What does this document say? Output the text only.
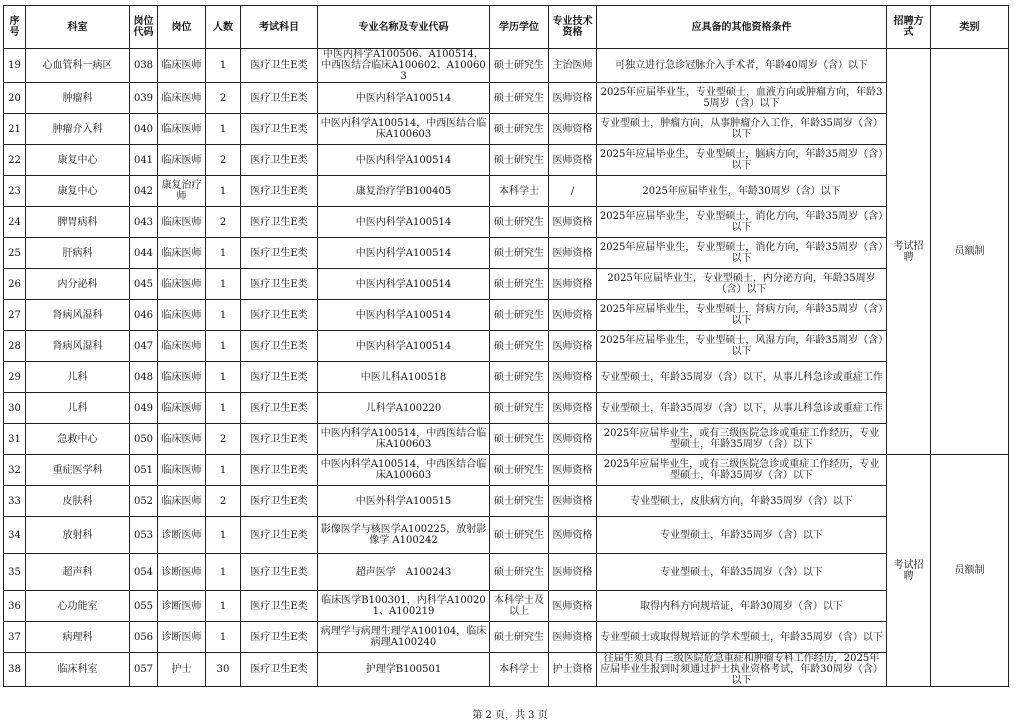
序号	科室	岗位代码	岗位	人数	考试科目	专业名称及专业代码	学历学位	专业技术资格	应具备的其他资格条件	招聘方式	类别
19	心血管科一病区	038	临床医师	1	医疗卫生E类	中医内科学A100506、A100514，中西医结合临床A100602、A100603	硕士研究生	主治医师	可独立进行急诊冠脉介入手术者，年龄40周岁（含）以下	考试招聘	员额制
20	肿瘤科	039	临床医师	2	医疗卫生E类	中医内科学A100514	硕士研究生	医师资格	2025年应届毕业生，专业型硕士，血液方向或肿瘤方向，年龄35周岁（含）以下		
21	肿瘤介入科	040	临床医师	1	医疗卫生E类	中医内科学A100514，中西医结合临床A100603	硕士研究生	医师资格	专业型硕士，肿瘤方向，从事肿瘤介入工作，年龄35周岁（含）以下		
22	康复中心	041	临床医师	2	医疗卫生E类	中医内科学A100514	硕士研究生	医师资格	2025年应届毕业生，专业型硕士，脑病方向，年龄35周岁（含）以下		
23	康复中心	042	康复治疗师	1	医疗卫生E类	康复治疗学B100405	本科学士	/	2025年应届毕业生，年龄30周岁（含）以下		
24	脾胃病科	043	临床医师	2	医疗卫生E类	中医内科学A100514	硕士研究生	医师资格	2025年应届毕业生，专业型硕士，消化方向，年龄35周岁（含）以下		
25	肝病科	044	临床医师	1	医疗卫生E类	中医内科学A100514	硕士研究生	医师资格	2025年应届毕业生，专业型硕士，消化方向，年龄35周岁（含）以下		
26	内分泌科	045	临床医师	1	医疗卫生E类	中医内科学A100514	硕士研究生	医师资格	2025年应届毕业生，专业型硕士，内分泌方向，年龄35周岁（含）以下		
27	肾病风湿科	046	临床医师	1	医疗卫生E类	中医内科学A100514	硕士研究生	医师资格	2025年应届毕业生，专业型硕士，肾病方向，年龄35周岁（含）以下		
28	肾病风湿科	047	临床医师	1	医疗卫生E类	中医内科学A100514	硕士研究生	医师资格	2025年应届毕业生，专业型硕士，风湿方向，年龄35周岁（含）以下		
29	儿科	048	临床医师	1	医疗卫生E类	中医儿科A100518	硕士研究生	医师资格	专业型硕士，年龄35周岁（含）以下，从事儿科急诊或重症工作		
30	儿科	049	临床医师	1	医疗卫生E类	儿科学A100220	硕士研究生	医师资格	专业型硕士，年龄35周岁（含）以下，从事儿科急诊或重症工作		
31	急救中心	050	临床医师	2	医疗卫生E类	中医内科学A100514，中西医结合临床A100603	硕士研究生	医师资格	2025年应届毕业生，或有三级医院急诊或重症工作经历，专业型硕士，年龄35周岁（含）以下		
32	重症医学科	051	临床医师	1	医疗卫生E类	中医内科学A100514，中西医结合临床A100603	硕士研究生	医师资格	2025年应届毕业生，或有三级医院急诊或重症工作经历，专业型硕士，年龄35周岁（含）以下	考试招聘	员额制
33	皮肤科	052	临床医师	2	医疗卫生E类	中医外科学A100515	硕士研究生	医师资格	专业型硕士，皮肤病方向，年龄35周岁（含）以下		
34	放射科	053	诊断医师	1	医疗卫生E类	影像医学与核医学A100225，放射影像学 A100242	硕士研究生	医师资格	专业型硕士，年龄35周岁（含）以下		
35	超声科	054	诊断医师	1	医疗卫生E类	超声医学　A100243	硕士研究生	医师资格	专业型硕士，年龄35周岁（含）以下		
36	心功能室	055	诊断医师	1	医疗卫生E类	临床医学B100301，内科学A100201、A100219	本科学士及以上	医师资格	取得内科方向规培证，年龄30周岁（含）以下		
37	病理科	056	诊断医师	1	医疗卫生E类	病理学与病理生理学A100104，临床病理A100240	硕士研究生	医师资格	专业型硕士或取得规培证的学术型硕士，年龄35周岁（含）以下		
38	临床科室	057	护士	30	医疗卫生E类	护理学B100501	本科学士	护士资格	往届生须具有三级医院危急重症和肿瘤专科工作经历，2025年应届毕业生报到时须通过护士执业资格考试，年龄30周岁（含）以下		
第 2 页，共 3 页
